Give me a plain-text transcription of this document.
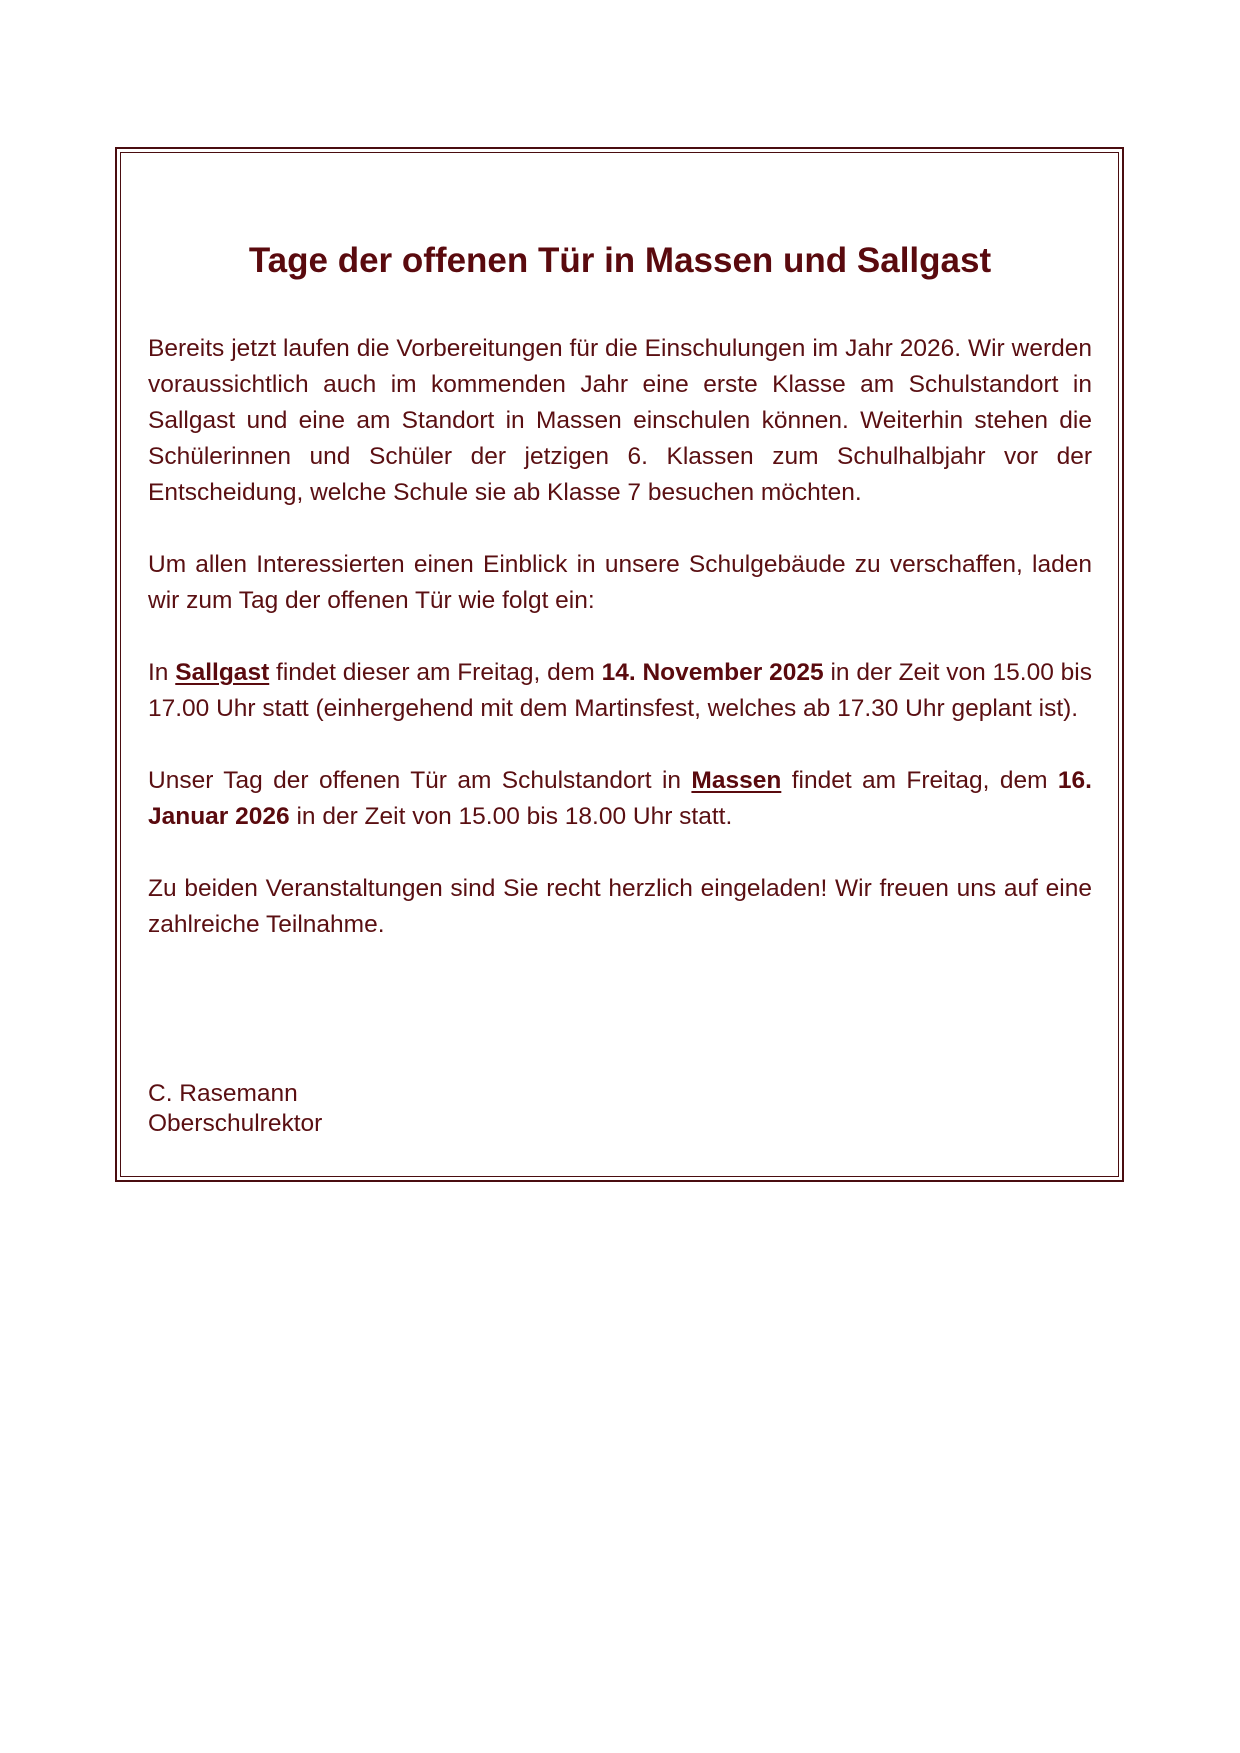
Tage der offenen Tür in Massen und Sallgast

Bereits jetzt laufen die Vorbereitungen für die Einschulungen im Jahr 2026. Wir werden voraussichtlich auch im kommenden Jahr eine erste Klasse am Schulstandort in Sallgast und eine am Standort in Massen einschulen können. Weiterhin stehen die Schülerinnen und Schüler der jetzigen 6. Klassen zum Schulhalbjahr vor der Entscheidung, welche Schule sie ab Klasse 7 besuchen möchten.

Um allen Interessierten einen Einblick in unsere Schulgebäude zu verschaffen, laden wir zum Tag der offenen Tür wie folgt ein:

In Sallgast findet dieser am Freitag, dem 14. November 2025 in der Zeit von 15.00 bis 17.00 Uhr statt (einhergehend mit dem Martinsfest, welches ab 17.30 Uhr geplant ist).

Unser Tag der offenen Tür am Schulstandort in Massen findet am Freitag, dem 16. Januar 2026 in der Zeit von 15.00 bis 18.00 Uhr statt.

Zu beiden Veranstaltungen sind Sie recht herzlich eingeladen! Wir freuen uns auf eine zahlreiche Teilnahme.

C. Rasemann
Oberschulrektor
